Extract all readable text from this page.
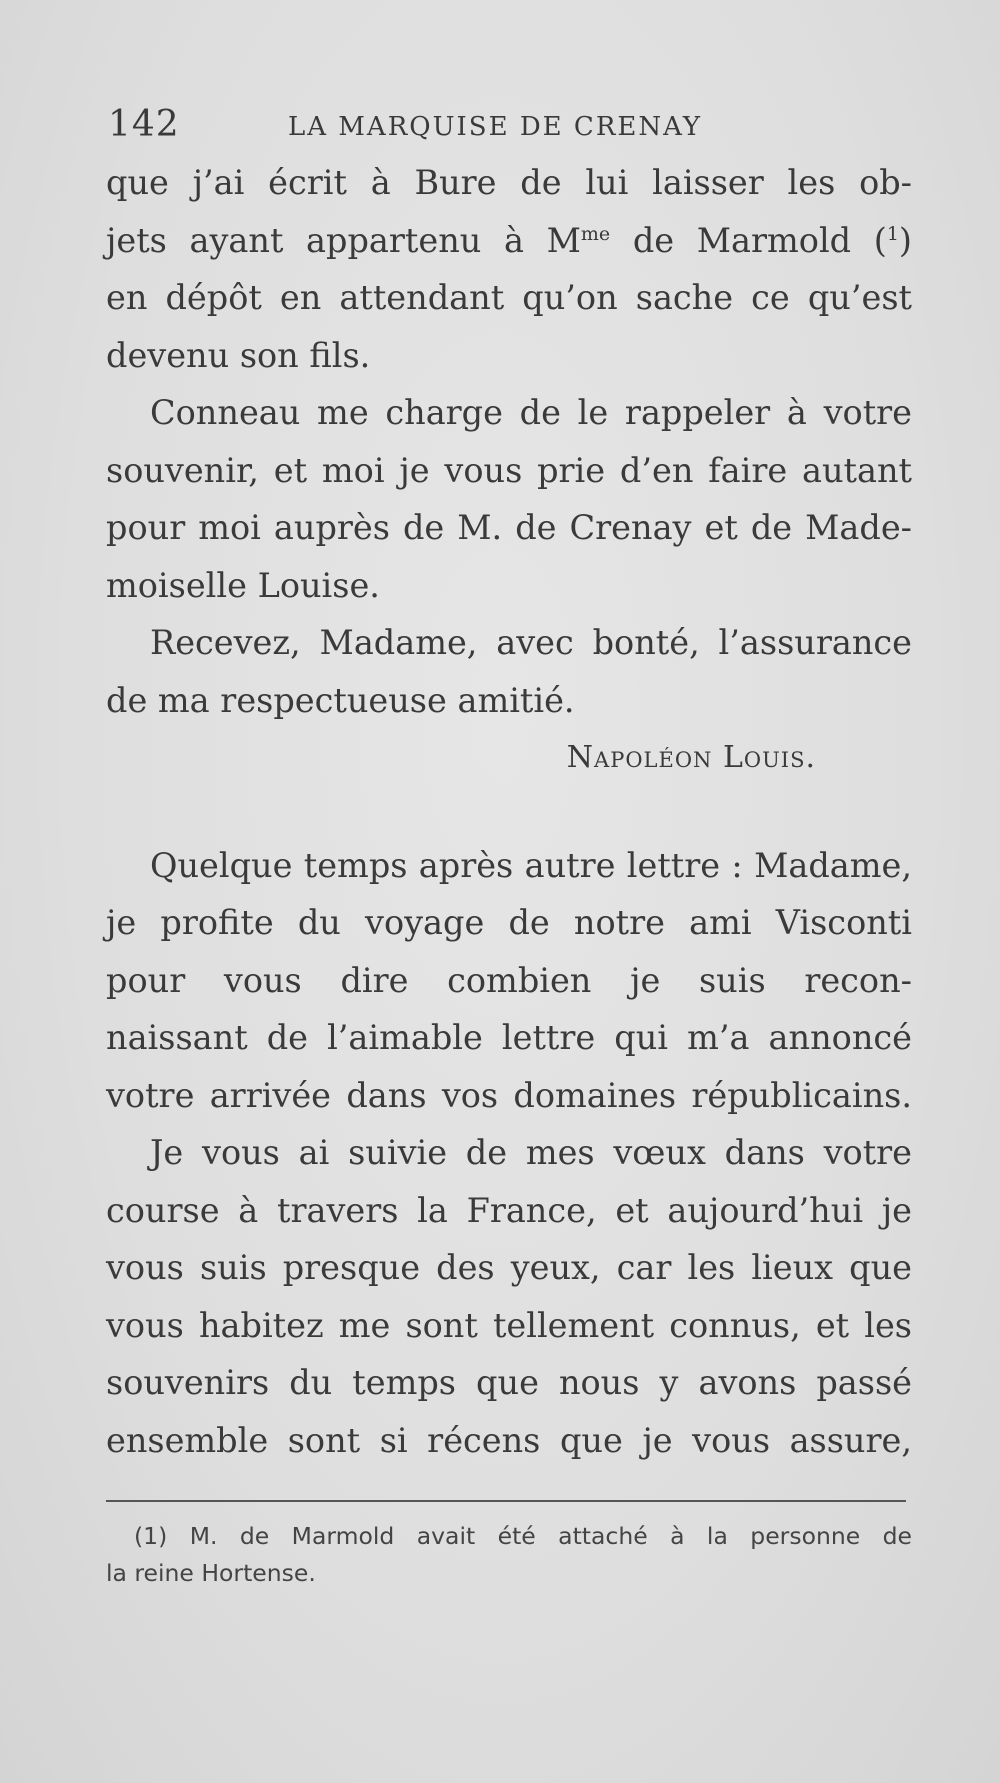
142	LA MARQUISE DE CRENAY
que j’ai écrit à Bure de lui laisser les ob-
jets ayant appartenu à $M^{me}$ de Marmold ($^1$)
en dépôt en attendant qu’on sache ce qu’est
devenu son fils.
Conneau me charge de le rappeler à votre
souvenir, et moi je vous prie d’en faire autant
pour moi auprès de M. de Crenay et de Made-
moiselle Louise.
Recevez, Madame, avec bonté, l’assurance
de ma respectueuse amitié.
Napoléon Louis.
Quelque temps après autre lettre : Madame,
je profite du voyage de notre ami Visconti
pour vous dire combien je suis recon-
naissant de l’aimable lettre qui m’a annoncé
votre arrivée dans vos domaines républicains.
Je vous ai suivie de mes vœux dans votre
course à travers la France, et aujourd’hui je
vous suis presque des yeux, car les lieux que
vous habitez me sont tellement connus, et les
souvenirs du temps que nous y avons passé
ensemble sont si récens que je vous assure,
(1) M. de Marmold avait été attaché à la personne de
la reine Hortense.
